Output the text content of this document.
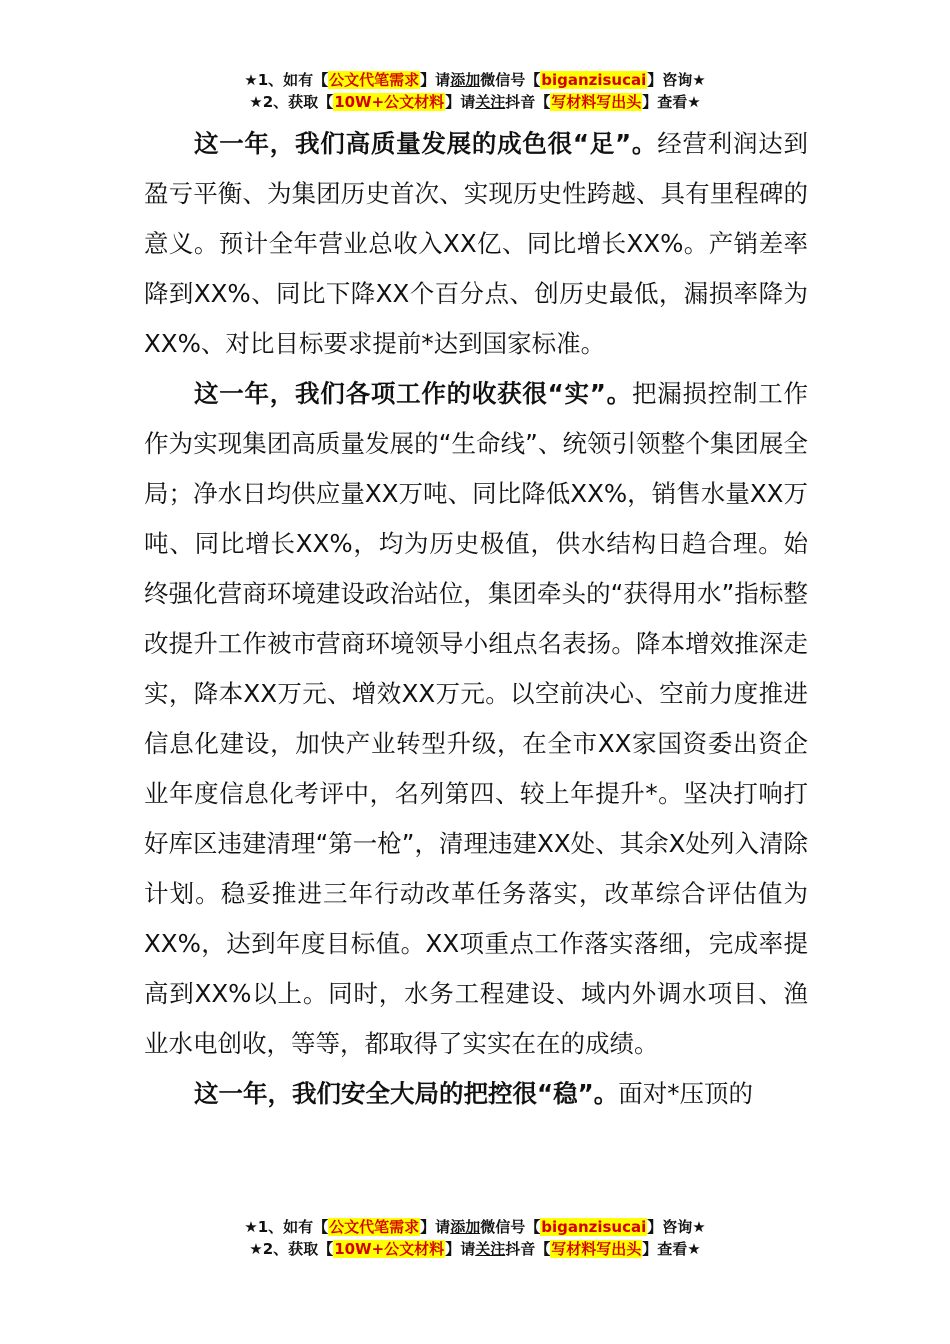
★1、如有【公文代笔需求】请添加微信号【biganzisucai】咨询★
★2、获取【10W+公文材料】请关注抖音【写材料写出头】查看★

这一年，我们高质量发展的成色很“足”。经营利润达到盈亏平衡、为集团历史首次、实现历史性跨越、具有里程碑的意义。预计全年营业总收入XX亿、同比增长XX%。产销差率降到XX%、同比下降XX个百分点、创历史最低，漏损率降为XX%、对比目标要求提前*达到国家标准。

这一年，我们各项工作的收获很“实”。把漏损控制工作作为实现集团高质量发展的“生命线”、统领引领整个集团展全局；净水日均供应量XX万吨、同比降低XX%，销售水量XX万吨、同比增长XX%，均为历史极值，供水结构日趋合理。始终强化营商环境建设政治站位，集团牵头的“获得用水”指标整改提升工作被市营商环境领导小组点名表扬。降本增效推深走实，降本XX万元、增效XX万元。以空前决心、空前力度推进信息化建设，加快产业转型升级，在全市XX家国资委出资企业年度信息化考评中，名列第四、较上年提升*。坚决打响打好库区违建清理“第一枪”，清理违建XX处、其余X处列入清除计划。稳妥推进三年行动改革任务落实，改革综合评估值为XX%，达到年度目标值。XX项重点工作落实落细，完成率提高到XX%以上。同时，水务工程建设、域内外调水项目、渔业水电创收，等等，都取得了实实在在的成绩。

这一年，我们安全大局的把控很“稳”。面对*压顶的

★1、如有【公文代笔需求】请添加微信号【biganzisucai】咨询★
★2、获取【10W+公文材料】请关注抖音【写材料写出头】查看★
